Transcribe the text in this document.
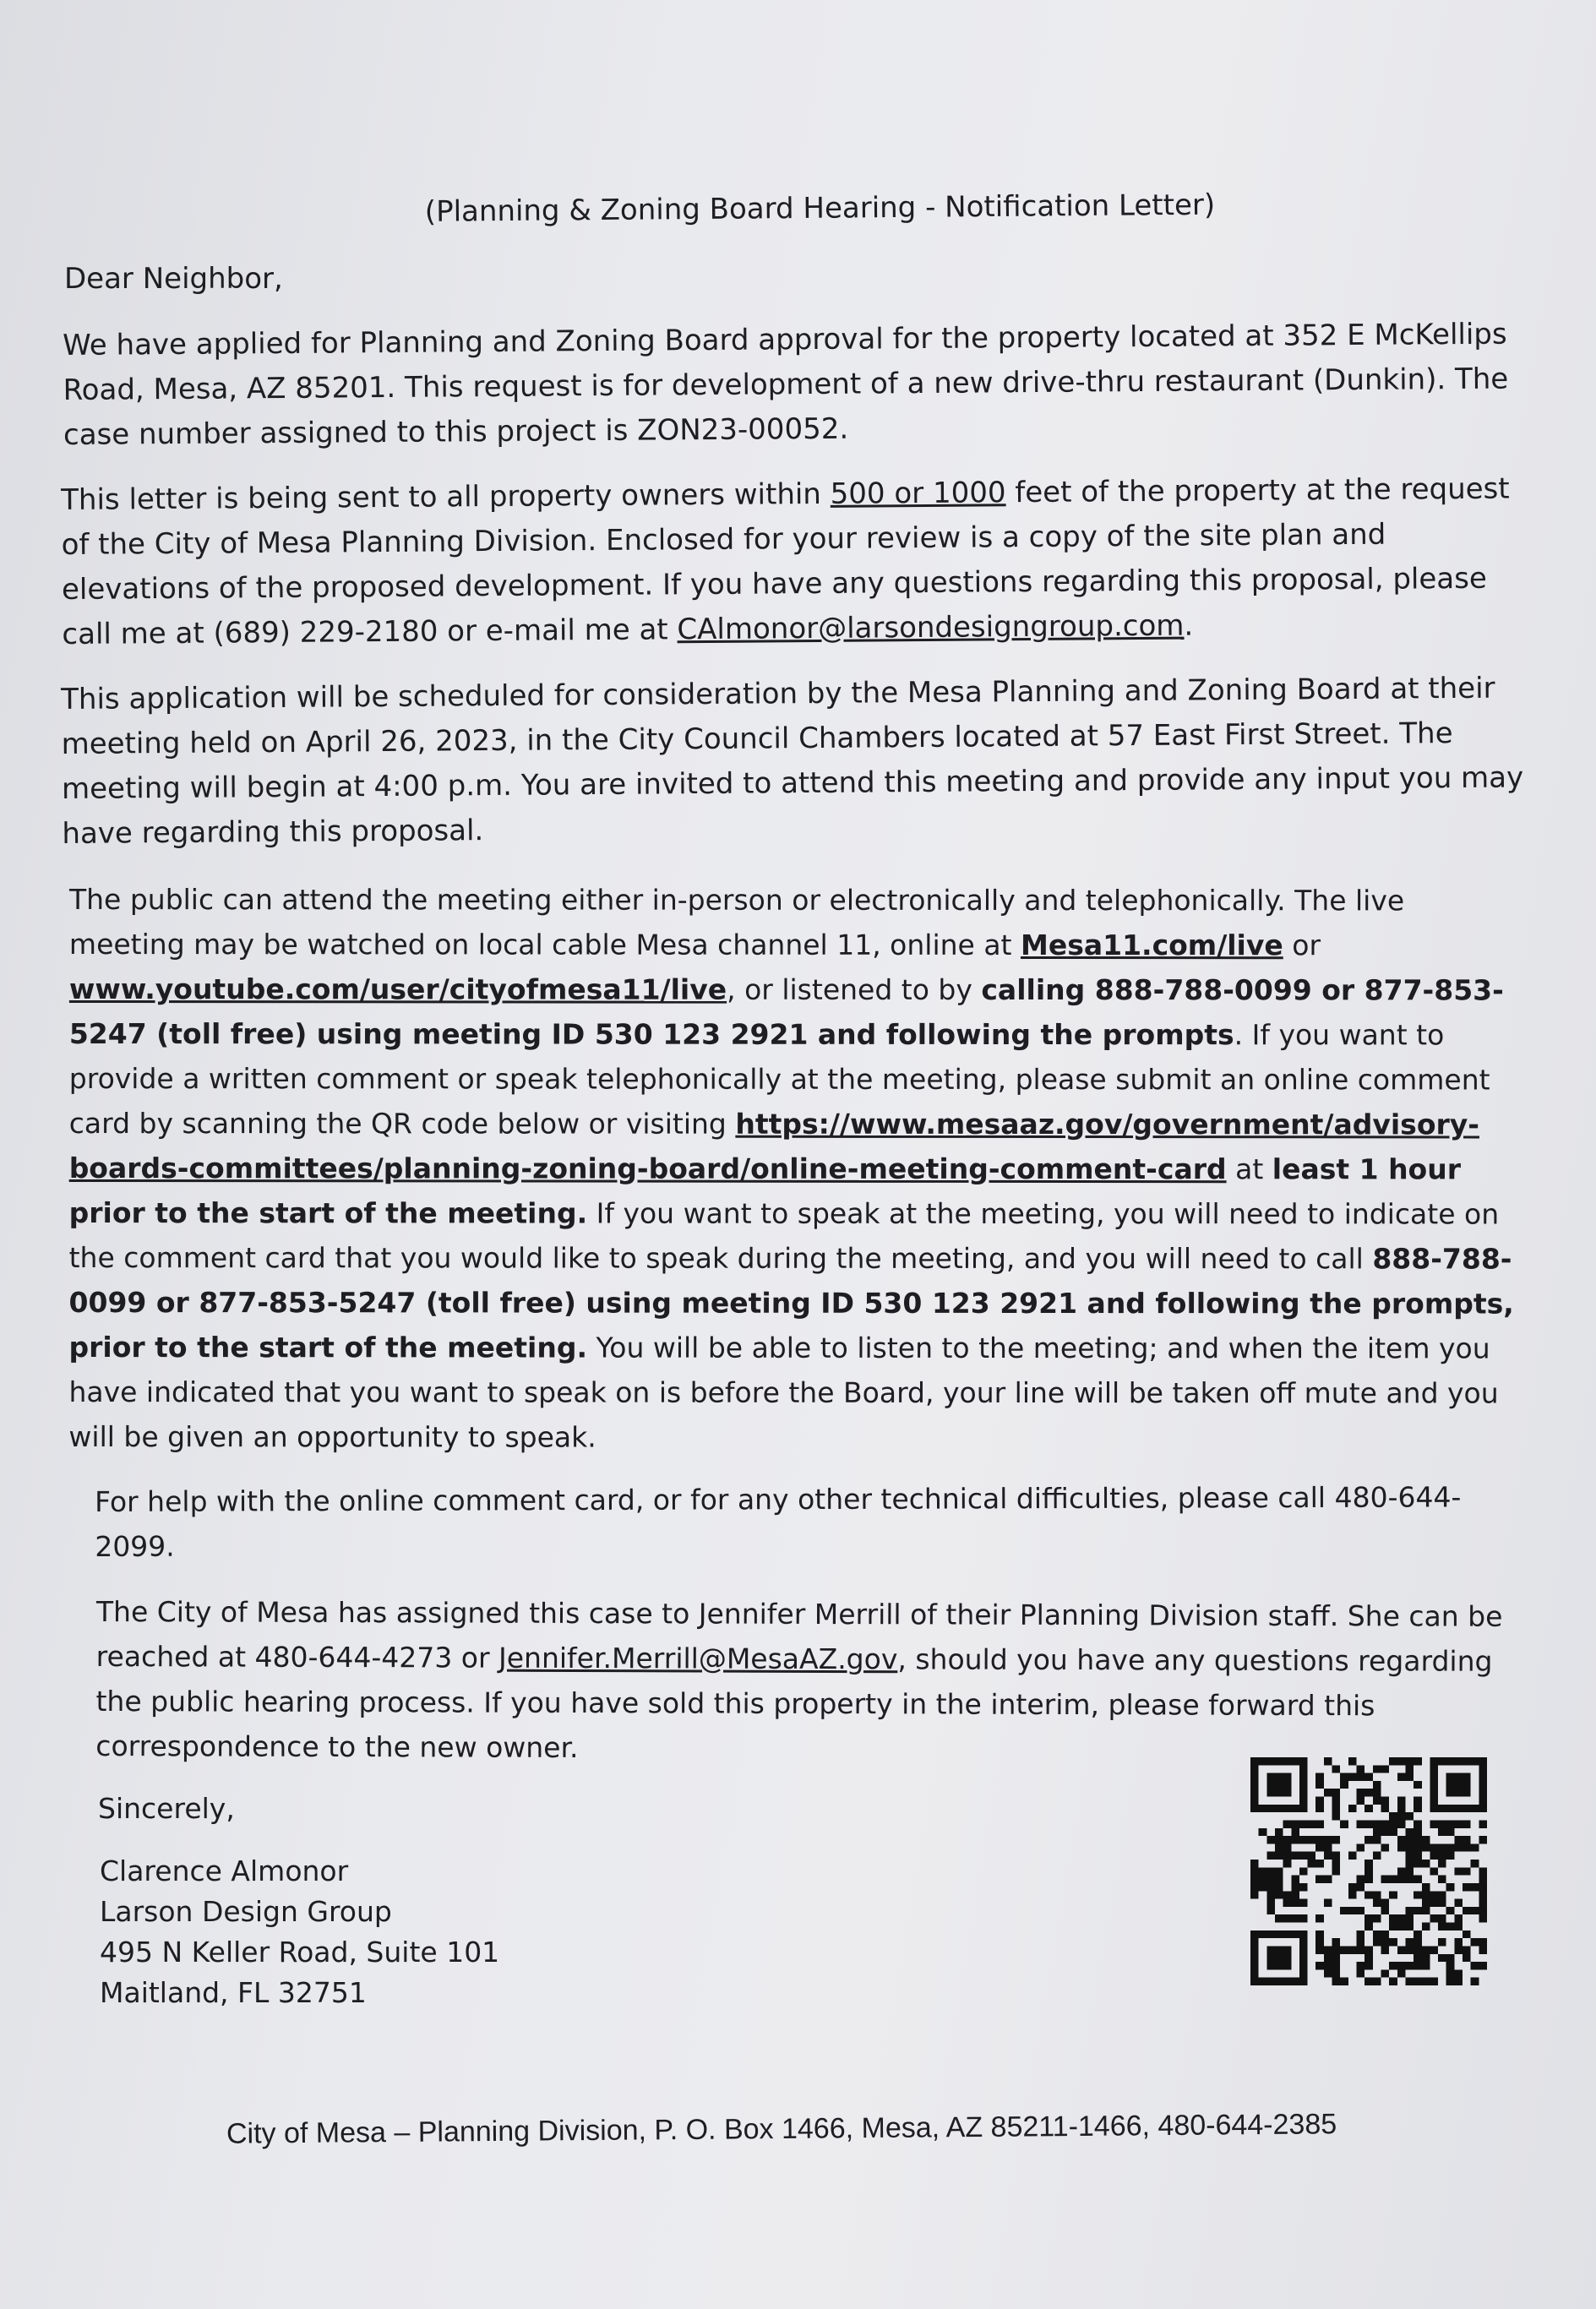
(Planning & Zoning Board Hearing - Notification Letter)
Dear Neighbor,

We have applied for Planning and Zoning Board approval for the property located at 352 E McKellips Road, Mesa, AZ 85201. This request is for development of a new drive-thru restaurant (Dunkin). The case number assigned to this project is ZON23-00052.

This letter is being sent to all property owners within 500 or 1000 feet of the property at the request of the City of Mesa Planning Division. Enclosed for your review is a copy of the site plan and elevations of the proposed development. If you have any questions regarding this proposal, please call me at (689) 229-2180 or e-mail me at CAlmonor@larsondesigngroup.com.

This application will be scheduled for consideration by the Mesa Planning and Zoning Board at their meeting held on April 26, 2023, in the City Council Chambers located at 57 East First Street. The meeting will begin at 4:00 p.m. You are invited to attend this meeting and provide any input you may have regarding this proposal.

The public can attend the meeting either in-person or electronically and telephonically. The live meeting may be watched on local cable Mesa channel 11, online at Mesa11.com/live or www.youtube.com/user/cityofmesa11/live, or listened to by calling 888-788-0099 or 877-853-5247 (toll free) using meeting ID 530 123 2921 and following the prompts. If you want to provide a written comment or speak telephonically at the meeting, please submit an online comment card by scanning the QR code below or visiting https://www.mesaaz.gov/government/advisory-boards-committees/planning-zoning-board/online-meeting-comment-card at least 1 hour prior to the start of the meeting. If you want to speak at the meeting, you will need to indicate on the comment card that you would like to speak during the meeting, and you will need to call 888-788-0099 or 877-853-5247 (toll free) using meeting ID 530 123 2921 and following the prompts, prior to the start of the meeting. You will be able to listen to the meeting; and when the item you have indicated that you want to speak on is before the Board, your line will be taken off mute and you will be given an opportunity to speak.

For help with the online comment card, or for any other technical difficulties, please call 480-644-2099.

The City of Mesa has assigned this case to Jennifer Merrill of their Planning Division staff. She can be reached at 480-644-4273 or Jennifer.Merrill@MesaAZ.gov, should you have any questions regarding the public hearing process. If you have sold this property in the interim, please forward this correspondence to the new owner.

Sincerely,
Clarence Almonor
Larson Design Group
495 N Keller Road, Suite 101
Maitland, FL 32751
City of Mesa – Planning Division, P. O. Box 1466, Mesa, AZ 85211-1466, 480-644-2385
